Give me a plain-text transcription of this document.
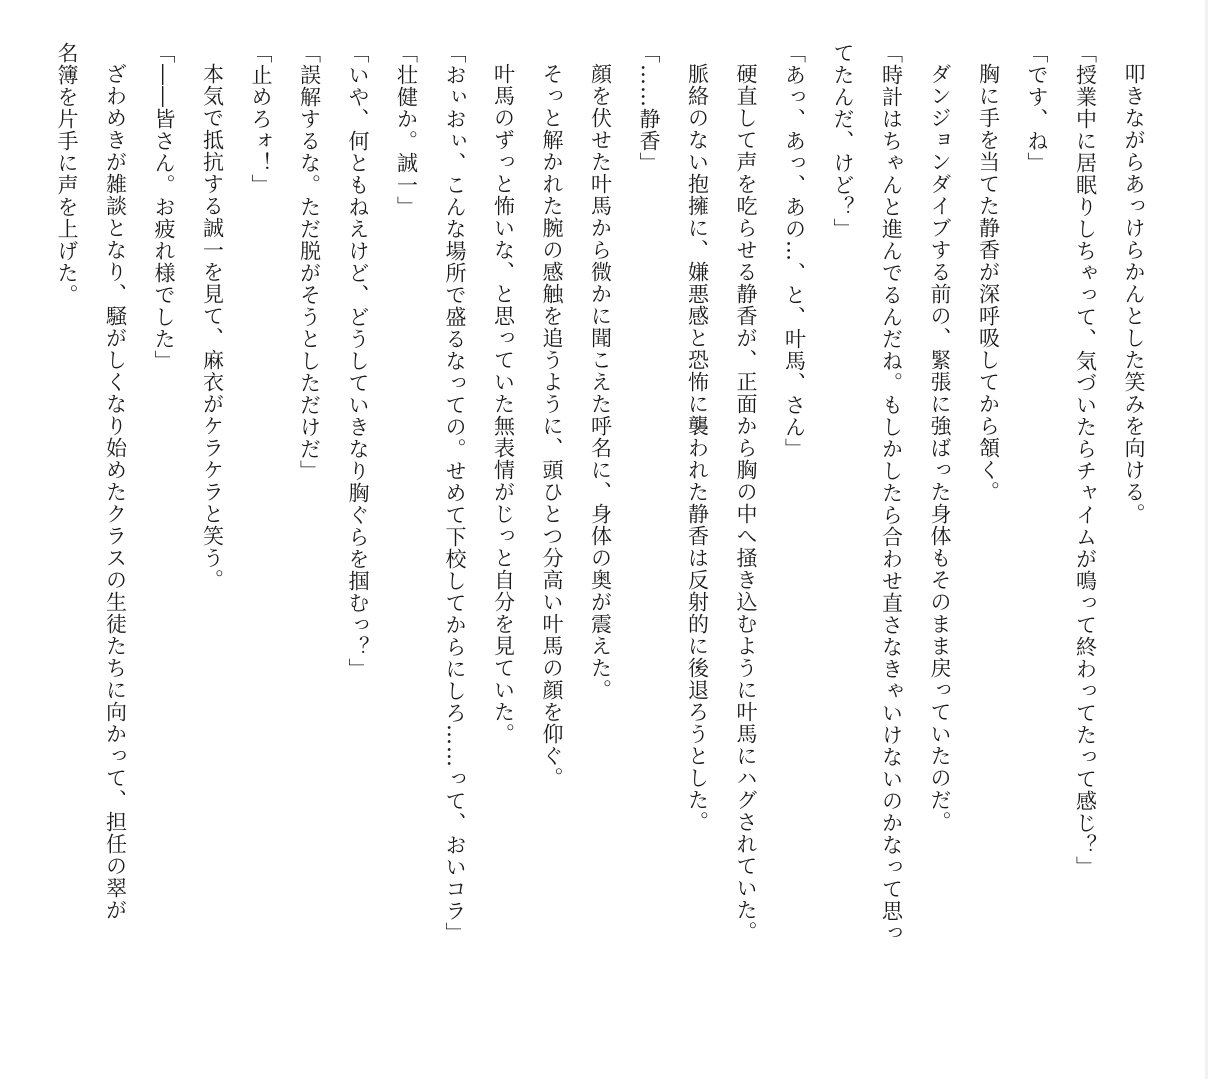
叩きながらあっけらかんとした笑みを向ける。
「授業中に居眠りしちゃって、気づいたらチャイムが鳴って終わってたって感じ？」
「です、ね」
胸に手を当てた静香が深呼吸してから頷く。
ダンジョンダイブする前の、緊張に強ばった身体もそのまま戻っていたのだ。
「時計はちゃんと進んでるんだね。もしかしたら合わせ直さなきゃいけないのかなって思っ
てたんだ、けど？」
「あっ、あっ、あの…、と、叶馬、さん」
硬直して声を吃らせる静香が、正面から胸の中へ掻き込むように叶馬にハグされていた。
脈絡のない抱擁に、嫌悪感と恐怖に襲われた静香は反射的に後退ろうとした。
「……静香」
顔を伏せた叶馬から微かに聞こえた呼名に、身体の奥が震えた。
そっと解かれた腕の感触を追うように、頭ひとつ分高い叶馬の顔を仰ぐ。
叶馬のずっと怖いな、と思っていた無表情がじっと自分を見ていた。
「おぃおぃ、こんな場所で盛るなっての。せめて下校してからにしろ……って、おいコラ」
「壮健か。誠一」
「いや、何ともねえけど、どうしていきなり胸ぐらを掴むっ？」
「誤解するな。ただ脱がそうとしただけだ」
「止めろォ！」
本気で抵抗する誠一を見て、麻衣がケラケラと笑う。
「――皆さん。お疲れ様でした」
ざわめきが雑談となり、騒がしくなり始めたクラスの生徒たちに向かって、担任の翠が
名簿を片手に声を上げた。
